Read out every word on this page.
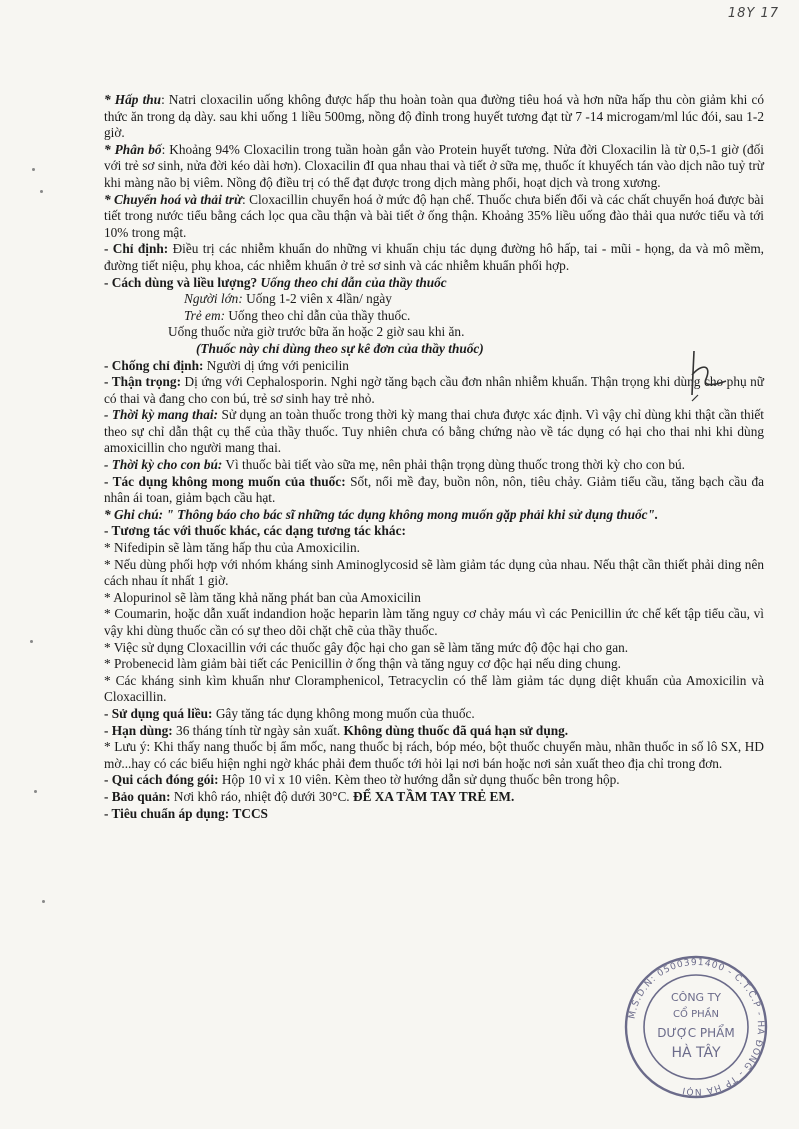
18Y 17

* Hấp thu: Natri cloxacilin uống không được hấp thu hoàn toàn qua đường tiêu hoá và hơn nữa hấp thu còn giảm khi có thức ăn trong dạ dày. sau khi uống 1 liều 500mg, nồng độ đỉnh trong huyết tương đạt từ 7 -14 microgam/ml lúc đói, sau 1-2 giờ.

* Phân bố: Khoảng 94% Cloxacilin trong tuần hoàn gắn vào Protein huyết tương. Nửa đời Cloxacilin là từ 0,5-1 giờ (đối với trẻ sơ sinh, nửa đời kéo dài hơn). Cloxacilin đI qua nhau thai và tiết ở sữa mẹ, thuốc ít khuyếch tán vào dịch não tuỷ trừ khi màng não bị viêm. Nồng độ điều trị có thể đạt được trong dịch màng phổi, hoạt dịch và trong xương.

* Chuyển hoá và thải trừ: Cloxacillin chuyển hoá ở mức độ hạn chế. Thuốc chưa biến đổi và các chất chuyển hoá được bài tiết trong nước tiểu bằng cách lọc qua cầu thận và bài tiết ở ống thận. Khoảng 35% liều uống đào thải qua nước tiểu và tới 10% trong mật.

- Chỉ định: Điều trị các nhiễm khuẩn do những vi khuẩn chịu tác dụng đường hô hấp, tai - mũi - họng, da và mô mềm, đường tiết niệu, phụ khoa, các nhiễm khuẩn ở trẻ sơ sinh và các nhiễm khuẩn phối hợp.

- Cách dùng và liều lượng? Uống theo chỉ dẫn của thầy thuốc

Người lớn: Uống 1-2 viên x 4lần/ ngày

Trẻ em: Uống theo chỉ dẫn của thầy thuốc.

Uống thuốc nửa giờ trước bữa ăn hoặc 2 giờ sau khi ăn.

(Thuốc này chỉ dùng theo sự kê đơn của thầy thuốc)

- Chống chỉ định: Người dị ứng với penicilin

- Thận trọng: Dị ứng với Cephalosporin. Nghi ngờ tăng bạch cầu đơn nhân nhiễm khuẩn. Thận trọng khi dùng cho phụ nữ có thai và đang cho con bú, trẻ sơ sinh hay trẻ nhỏ.

- Thời kỳ mang thai: Sử dụng an toàn thuốc trong thời kỳ mang thai chưa được xác định. Vì vậy chỉ dùng khi thật cần thiết theo sự chỉ dẫn thật cụ thể của thầy thuốc. Tuy nhiên chưa có bằng chứng nào về tác dụng có hại cho thai nhi khi dùng amoxicillin cho người mang thai.

- Thời kỳ cho con bú: Vì thuốc bài tiết vào sữa mẹ, nên phải thận trọng dùng thuốc trong thời kỳ cho con bú.

- Tác dụng không mong muốn của thuốc: Sốt, nổi mề đay, buồn nôn, nôn, tiêu chảy. Giảm tiểu cầu, tăng bạch cầu đa nhân ái toan, giảm bạch cầu hạt.

* Ghi chú: " Thông báo cho bác sĩ những tác dụng không mong muốn gặp phải khi sử dụng thuốc".

- Tương tác với thuốc khác, các dạng tương tác khác:

* Nifedipin sẽ làm tăng hấp thu của Amoxicilin.

* Nếu dùng phối hợp với nhóm kháng sinh Aminoglycosid sẽ làm giảm tác dụng của nhau. Nếu thật cần thiết phải ding nên cách nhau ít nhất 1 giờ.

* Alopurinol sẽ làm tăng khả năng phát ban của Amoxicilin

* Coumarin, hoặc dẫn xuất indandion hoặc heparin làm tăng nguy cơ chảy máu vì các Penicillin ức chế kết tập tiểu cầu, vì vậy khi dùng thuốc cần có sự theo dõi chặt chẽ của thầy thuốc.

* Việc sử dụng Cloxacillin với các thuốc gây độc hại cho gan sẽ làm tăng mức độ độc hại cho gan.

* Probenecid làm giảm bài tiết các Penicillin ở ống thận và tăng nguy cơ độc hại nếu ding chung.

* Các kháng sinh kìm khuẩn như Cloramphenicol, Tetracyclin có thể làm giảm tác dụng diệt khuẩn của Amoxicilin và Cloxacillin.

- Sử dụng quá liều: Gây tăng tác dụng không mong muốn của thuốc.

- Hạn dùng: 36 tháng tính từ ngày sản xuất. Không dùng thuốc đã quá hạn sử dụng.

* Lưu ý: Khi thấy nang thuốc bị ẩm mốc, nang thuốc bị rách, bóp méo, bột thuốc chuyển màu, nhãn thuốc in số lô SX, HD mờ...hay có các biểu hiện nghi ngờ khác phải đem thuốc tới hỏi lại nơi bán hoặc nơi sản xuất theo địa chỉ trong đơn.

- Qui cách đóng gói: Hộp 10 vỉ x 10 viên. Kèm theo tờ hướng dẫn sử dụng thuốc bên trong hộp.

- Bảo quản: Nơi khô ráo, nhiệt độ dưới 30°C. ĐỂ XA TẦM TAY TRẺ EM.

- Tiêu chuẩn áp dụng: TCCS

M.S.D.N: 0500391400 - C.T.C.P - HÀ ĐÔNG - TP HÀ NỘI
CÔNG TY
CỔ PHẦN
DƯỢC PHẨM
HÀ TÂY
